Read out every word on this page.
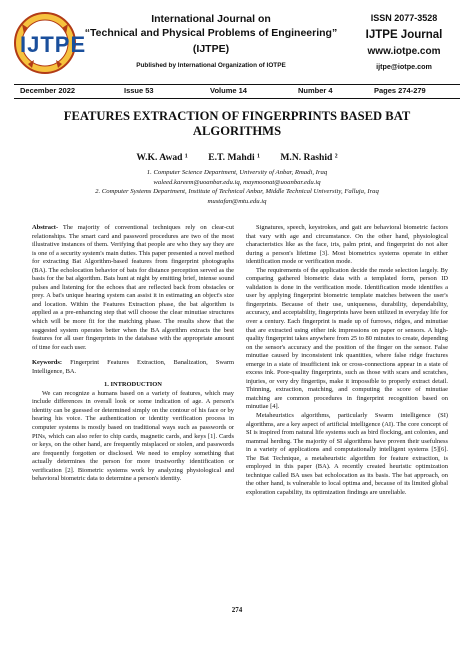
IJTPE
International Journal on
“Technical and Physical Problems of Engineering”
(IJTPE)
Published by International Organization of IOTPE
ISSN 2077-3528
IJTPE Journal
www.iotpe.com
ijtpe@iotpe.com
December 2022	Issue 53	Volume 14	Number 4	Pages 274-279
FEATURES EXTRACTION OF FINGERPRINTS BASED BAT ALGORITHMS
W.K. Awad ¹ E.T. Mahdi ¹ M.N. Rashid ²
1. Computer Science Department, University of Anbar, Rmadi, Iraq
waleed.kareem@uoanbar.edu.iq, maymoonat@uoanbar.edu.iq
2. Computer Systems Department, Institute of Technical Anbar, Middle Technical University, Falluja, Iraq
mustafan@mtu.edu.iq

Abstract- The majority of conventional techniques rely on clear-cut relationships. The smart card and password procedures are two of the most illustrative instances of them. Verifying that people are who they say they are is one of a security system's main duties. This paper presented a novel method for extracting Bat Algorithm-based features from fingerprint photographs (BA). The echolocation behavior of bats for distance perception served as the basis for the bat algorithm. Bats hunt at night by emitting brief, intense sound pulses and listening for the echoes that are reflected back from obstacles or prey. A bat's unique hearing system can assist it in estimating an object's size and location. Within the Features Extraction phase, the bat algorithm is applied as a pre-enhancing step that will choose the clear minutiae structures which will be more fit for the matching phase. The results show that the suggested system operates better when the BA algorithm extracts the best features for all user fingerprints in the database with the appropriate amount of time for each user.

Keywords: Fingerprint Features Extraction, Banalization, Swarm Intelligence, BA.

1. INTRODUCTION

We can recognize a humans based on a variety of features, which may include differences in overall look or some indication of age. A person's identity can be guessed or determined simply on the contour of his face or by hearing his voice. The authentication or identity verification process in computer systems is mostly based on traditional ways such as passwords or PINs, which can also refer to chip cards, magnetic cards, and keys [1]. Cards or keys, on the other hand, are frequently misplaced or stolen, and passwords are frequently forgotten or disclosed. We need to employ something that actually determines the person for more trustworthy identification or verification [2]. Biometric systems work by analyzing physiological and behavioral biometric data to determine a person's identity.

Signatures, speech, keystrokes, and gait are behavioral biometric factors that vary with age and circumstance. On the other hand, physiological characteristics like as the face, iris, palm print, and fingerprint do not alter during a person's lifetime [3]. Most biometrics systems operate in either identification mode or verification mode.

The requirements of the application decide the mode selection largely. By comparing gathered biometric data with a templated form, person ID validation is done in the verification mode. Identification mode identifies a user by applying fingerprint biometric template matches between the user's fingerprints. Because of their use, uniqueness, durability, dependability, accuracy, and acceptability, fingerprints have been utilized in everyday life for over a century. Each fingerprint is made up of furrows, ridges, and minutiae that are extracted using either ink impressions on paper or sensors. A high-quality fingerprint takes anywhere from 25 to 80 minutes to create, depending on the sensor's accuracy and the position of the finger on the sensor. False minutiae caused by inconsistent ink quantities, where false ridge fractures emerge in a state of insufficient ink or cross-connections appear in a state of excess ink. Poor-quality fingerprints, such as those with scars and scratches, injuries, or very dry fingertips, make it impossible to properly extract detail. Thinning, extraction, matching, and computing the score of minutiae matching are common procedures in fingerprint recognition based on minutiae [4].

Metaheuristics algorithms, particularly Swarm intelligence (SI) algorithms, are a key aspect of artificial intelligence (AI). The core concept of SI is inspired from natural life systems such as bird flocking, ant colonies, and mammal herding. The majority of SI algorithms have proven their usefulness in a variety of applications and computationally intelligent systems [5][6]. The Bat Technique, a metaheuristic algorithm for feature extraction, is employed in this paper (BA). A recently created heuristic optimization technique called BA uses bat echolocation as its basis. The bat approach, on the other hand, is vulnerable to local optima and, because of its limited global exploration capability, its optimization findings are unreliable.

274
